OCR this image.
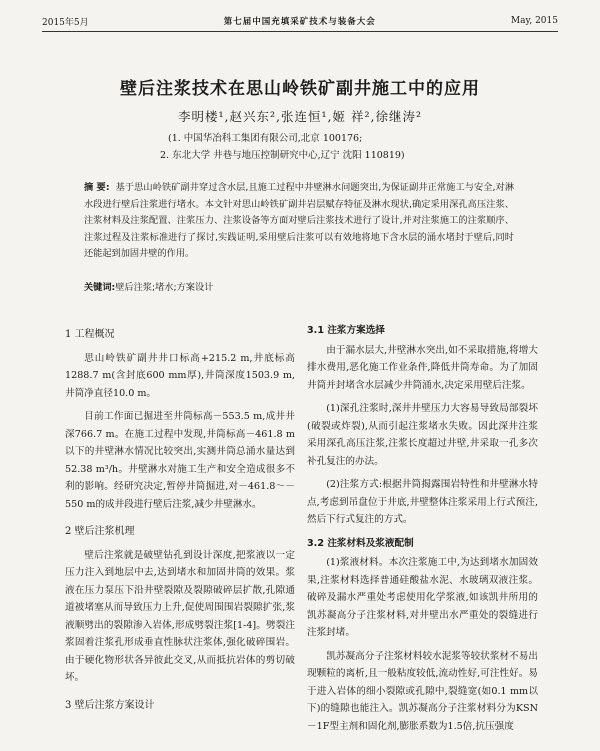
2015年5月	第七届中国充填采矿技术与装备大会	May, 2015
壁后注浆技术在思山岭铁矿副井施工中的应用
李明楼¹,赵兴东²,张连恒¹,姬 祥²,徐继涛²
(1. 中国华冶科工集团有限公司,北京 100176;
2. 东北大学 井巷与地压控制研究中心,辽宁 沈阳 110819)
摘 要: 基于思山岭铁矿副井穿过含水层,且施工过程中井壁淋水问题突出,为保证副井正常施工与安全,对淋水段进行壁后注浆进行堵水。本文针对思山岭铁矿副井岩层赋存特征及淋水现状,确定采用深孔高压注浆、注浆材料及注浆配置、注浆压力、注浆设备等方面对壁后注浆技术进行了设计,并对注浆施工的注浆顺序、注浆过程及注浆标准进行了探讨,实践证明,采用壁后注浆可以有效地将地下含水层的涌水堵封于壁后,同时还能起到加固井壁的作用。
关键词:壁后注浆;堵水;方案设计
1 工程概况

思山岭铁矿副井井口标高+215.2 m,井底标高1288.7 m(含封底600 mm厚),井筒深度1503.9 m,井筒净直径10.0 m。

目前工作面已掘进至井筒标高－553.5 m,成井井深766.7 m。在施工过程中发现,井筒标高－461.8 m以下的井壁淋水情况比较突出,实测井筒总涌水量达到52.38 m³/h。井壁淋水对施工生产和安全造成很多不利的影响。经研究决定,暂停井筒掘进,对－461.8～－550 m的成井段进行壁后注浆,减少井壁淋水。

2 壁后注浆机理

壁后注浆就是破壁钻孔到设计深度,把浆液以一定压力注入到地层中去,达到堵水和加固井筒的效果。浆液在压力泵压下沿井壁裂隙及裂隙破碎层扩散,孔隙通道被堵塞从而导致压力上升,促使周围围岩裂隙扩张,浆液顺劈出的裂隙渗入岩体,形成劈裂注浆[1-4]。劈裂注浆固着注浆孔形成垂直性脉状注浆体,强化破碎围岩。由于硬化物形状各异彼此交叉,从而抵抗岩体的剪切破坏。

3 壁后注浆方案设计
3.1 注浆方案选择

由于漏水层大,井壁淋水突出,如不采取措施,将增大排水费用,恶化施工作业条件,降低井筒寿命。为了加固井筒并封堵含水层减少井筒涌水,决定采用壁后注浆。

(1)深孔注浆时,深井井壁压力大容易导致局部裂坏(破裂或炸裂),从而引起注浆堵水失败。因此深井注浆采用深孔高压注浆,注浆长度超过井壁,井采取一孔多次补孔复注的办法。

(2)注浆方式:根据井筒揭露围岩特性和井壁淋水特点,考虑到吊盘位于井底,井壁整体注浆采用上行式预注,然后下行式复注的方式。

3.2 注浆材料及浆液配制

(1)浆液材料。本次注浆施工中,为达到堵水加固效果,注浆材料选择普通硅酸盐水泥、水玻璃双液注浆。破碎及漏水严重处考虑使用化学浆液,如该凯井所用的凯苏凝高分子注浆材料,对井壁出水严重处的裂缝进行注浆封堵。

凯苏凝高分子注浆材料较水泥浆等较状浆材不易出现颗粒的离析,且一般粘度较低,流动性好,可注性好。易于进入岩体的细小裂隙或孔隙中,裂缝宽(如0.1 mm以下)的缝隙也能注入。凯苏凝高分子注浆材料分为KSN－1F型主剂和固化剂,膨胀系数为1.5倍,抗压强度
